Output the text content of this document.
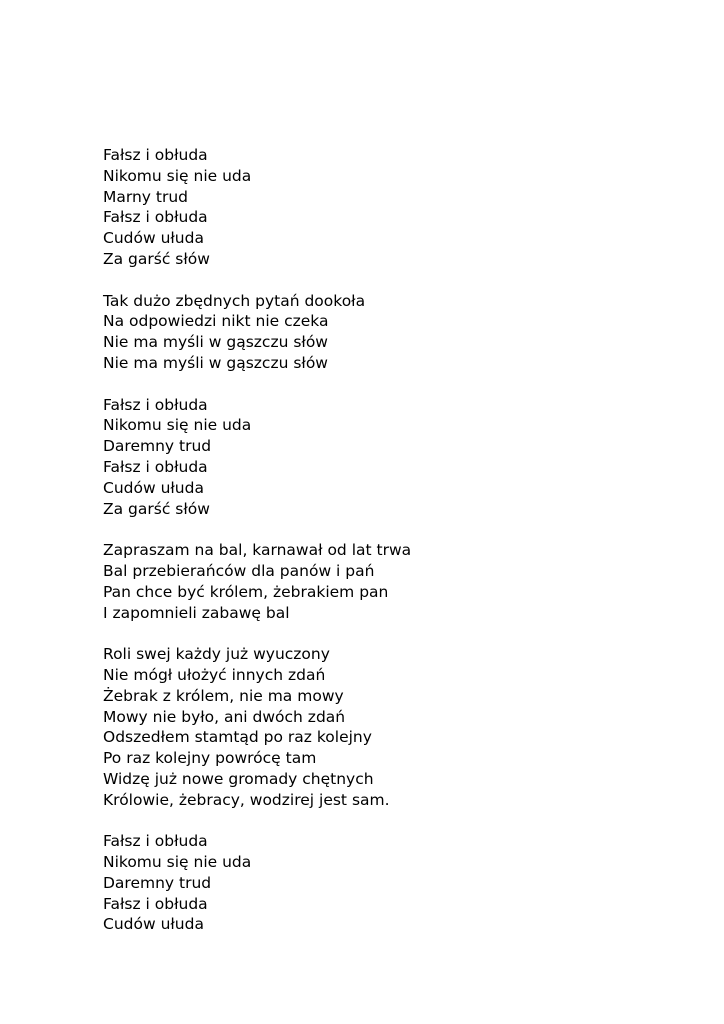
Fałsz i obłuda
Nikomu się nie uda
Marny trud
Fałsz i obłuda
Cudów ułuda
Za garść słów
Tak dużo zbędnych pytań dookoła
Na odpowiedzi nikt nie czeka
Nie ma myśli w gąszczu słów
Nie ma myśli w gąszczu słów
Fałsz i obłuda
Nikomu się nie uda
Daremny trud
Fałsz i obłuda
Cudów ułuda
Za garść słów
Zapraszam na bal, karnawał od lat trwa
Bal przebierańców dla panów i pań
Pan chce być królem, żebrakiem pan
I zapomnieli zabawę bal
Roli swej każdy już wyuczony
Nie mógł ułożyć innych zdań
Żebrak z królem, nie ma mowy
Mowy nie było, ani dwóch zdań
Odszedłem stamtąd po raz kolejny
Po raz kolejny powrócę tam
Widzę już nowe gromady chętnych
Królowie, żebracy, wodzirej jest sam.
Fałsz i obłuda
Nikomu się nie uda
Daremny trud
Fałsz i obłuda
Cudów ułuda
